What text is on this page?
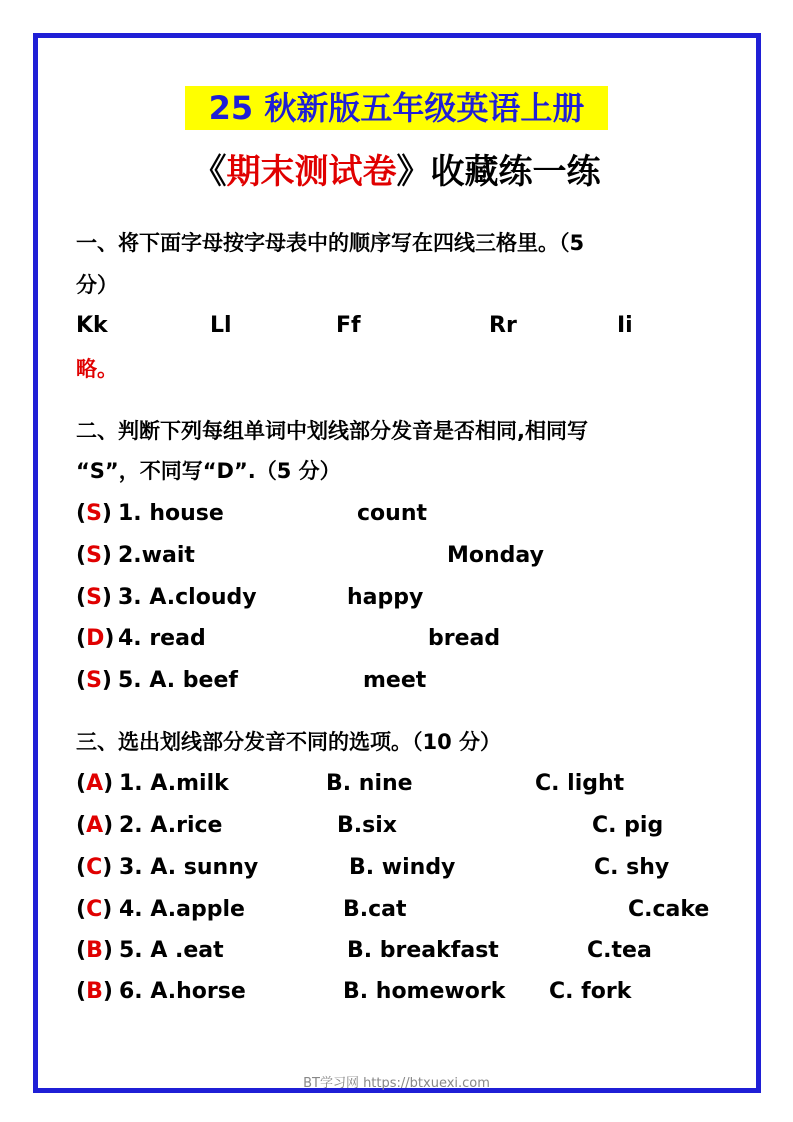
25 秋新版五年级英语上册
《期末测试卷》收藏练一练
一、将下面字母按字母表中的顺序写在四线三格里。（5
分）
Kk	Ll	Ff	Rr	Ii
略。
二、判断下列每组单词中划线部分发音是否相同,相同写
“S”，不同写“D”.（5 分）
(S) 1. house	count
(S) 2.wait	Monday
(S) 3. A.cloudy	happy
(D) 4. read	bread
(S) 5. A. beef	meet
三、选出划线部分发音不同的选项。（10 分）
(A) 1. A.milk	B. nine	C. light
(A) 2. A.rice	B.six	C. pig
(C) 3. A. sunny	B. windy	C. shy
(C) 4. A.apple	B.cat	C.cake
(B) 5. A .eat	B. breakfast	C.tea
(B) 6. A.horse	B. homework C. fork
BT学习网 https://btxuexi.com
